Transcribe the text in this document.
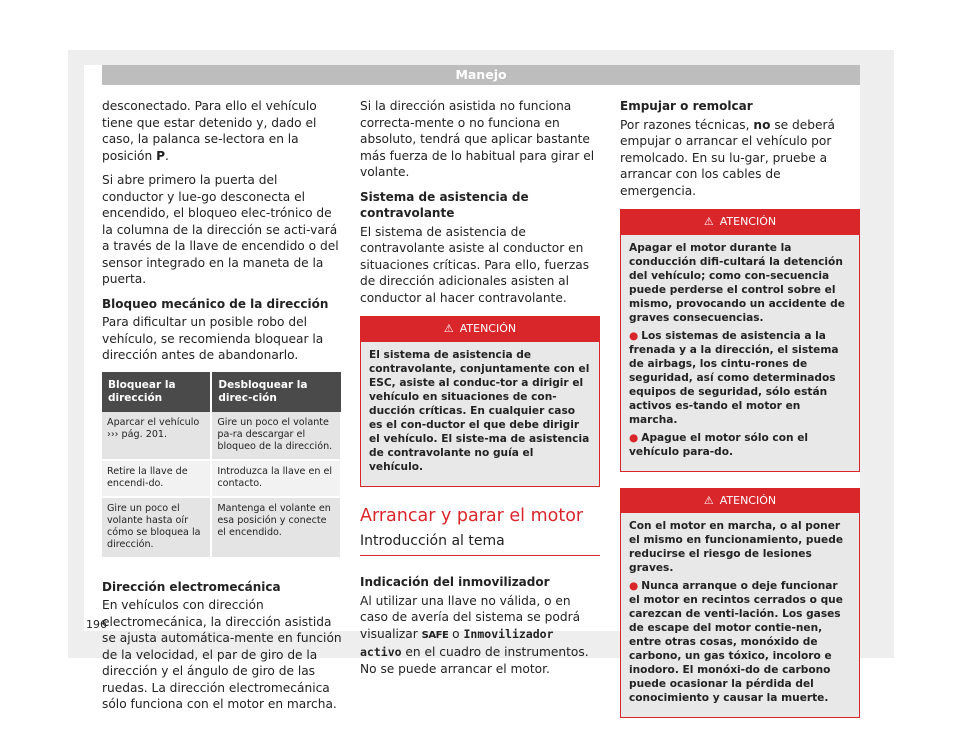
Manejo

desconectado. Para ello el vehículo tiene que estar detenido y, dado el caso, la palanca se-lectora en la posición P.

Si abre primero la puerta del conductor y lue-go desconecta el encendido, el bloqueo elec-trónico de la columna de la dirección se acti-vará a través de la llave de encendido o del sensor integrado en la maneta de la puerta.

Bloqueo mecánico de la dirección

Para dificultar un posible robo del vehículo, se recomienda bloquear la dirección antes de abandonarlo.

Bloquear la dirección	Desbloquear la direc-ción
Aparcar el vehículo ››› pág. 201.	Gire un poco el volante pa-ra descargar el bloqueo de la dirección.
Retire la llave de encendi-do.	Introduzca la llave en el contacto.
Gire un poco el volante hasta oír cómo se bloquea la dirección.	Mantenga el volante en esa posición y conecte el encendido.
Dirección electromecánica

En vehículos con dirección electromecánica, la dirección asistida se ajusta automática-mente en función de la velocidad, el par de giro de la dirección y el ángulo de giro de las ruedas. La dirección electromecánica sólo funciona con el motor en marcha.

Si la dirección asistida no funciona correcta-mente o no funciona en absoluto, tendrá que aplicar bastante más fuerza de lo habitual para girar el volante.

Sistema de asistencia de contravolante

El sistema de asistencia de contravolante asiste al conductor en situaciones críticas. Para ello, fuerzas de dirección adicionales asisten al conductor al hacer contravolante.

⚠ ATENCIÓN

El sistema de asistencia de contravolante, conjuntamente con el ESC, asiste al conduc-tor a dirigir el vehículo en situaciones de con-ducción críticas. En cualquier caso es el con-ductor el que debe dirigir el vehículo. El siste-ma de asistencia de contravolante no guía el vehículo.

Arrancar y parar el motor
Introducción al tema
Indicación del inmovilizador

Al utilizar una llave no válida, o en caso de avería del sistema se podrá visualizar SAFE o Inmovilizador activo en el cuadro de instrumentos. No se puede arrancar el motor.

Empujar o remolcar

Por razones técnicas, no se deberá empujar o arrancar el vehículo por remolcado. En su lu-gar, pruebe a arrancar con los cables de emergencia.

⚠ ATENCIÓN

Apagar el motor durante la conducción difi-cultará la detención del vehículo; como con-secuencia puede perderse el control sobre el mismo, provocando un accidente de graves consecuencias.

● Los sistemas de asistencia a la frenada y a la dirección, el sistema de airbags, los cintu-rones de seguridad, así como determinados equipos de seguridad, sólo están activos es-tando el motor en marcha.

● Apague el motor sólo con el vehículo para-do.

⚠ ATENCIÓN

Con el motor en marcha, o al poner el mismo en funcionamiento, puede reducirse el riesgo de lesiones graves.

● Nunca arranque o deje funcionar el motor en recintos cerrados o que carezcan de venti-lación. Los gases de escape del motor contie-nen, entre otras cosas, monóxido de carbono, un gas tóxico, incoloro e inodoro. El monóxi-do de carbono puede ocasionar la pérdida del conocimiento y causar la muerte.

196
